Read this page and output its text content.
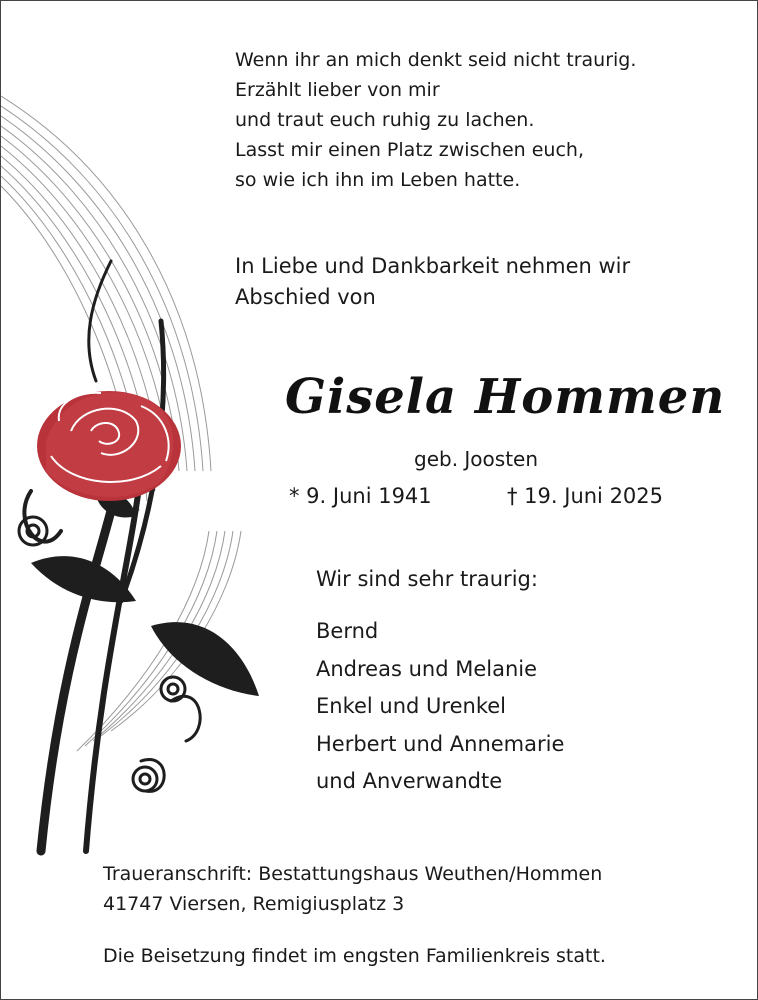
Wenn ihr an mich denkt seid nicht traurig.
Erzählt lieber von mir
und traut euch ruhig zu lachen.
Lasst mir einen Platz zwischen euch,
so wie ich ihn im Leben hatte.
In Liebe und Dankbarkeit nehmen wir
Abschied von
Gisela Hommen
geb. Joosten
* 9. Juni 1941	† 19. Juni 2025
Wir sind sehr traurig:
Bernd
Andreas und Melanie
Enkel und Urenkel
Herbert und Annemarie
und Anverwandte
Traueranschrift: Bestattungshaus Weuthen/Hommen
41747 Viersen, Remigiusplatz 3
Die Beisetzung findet im engsten Familienkreis statt.
